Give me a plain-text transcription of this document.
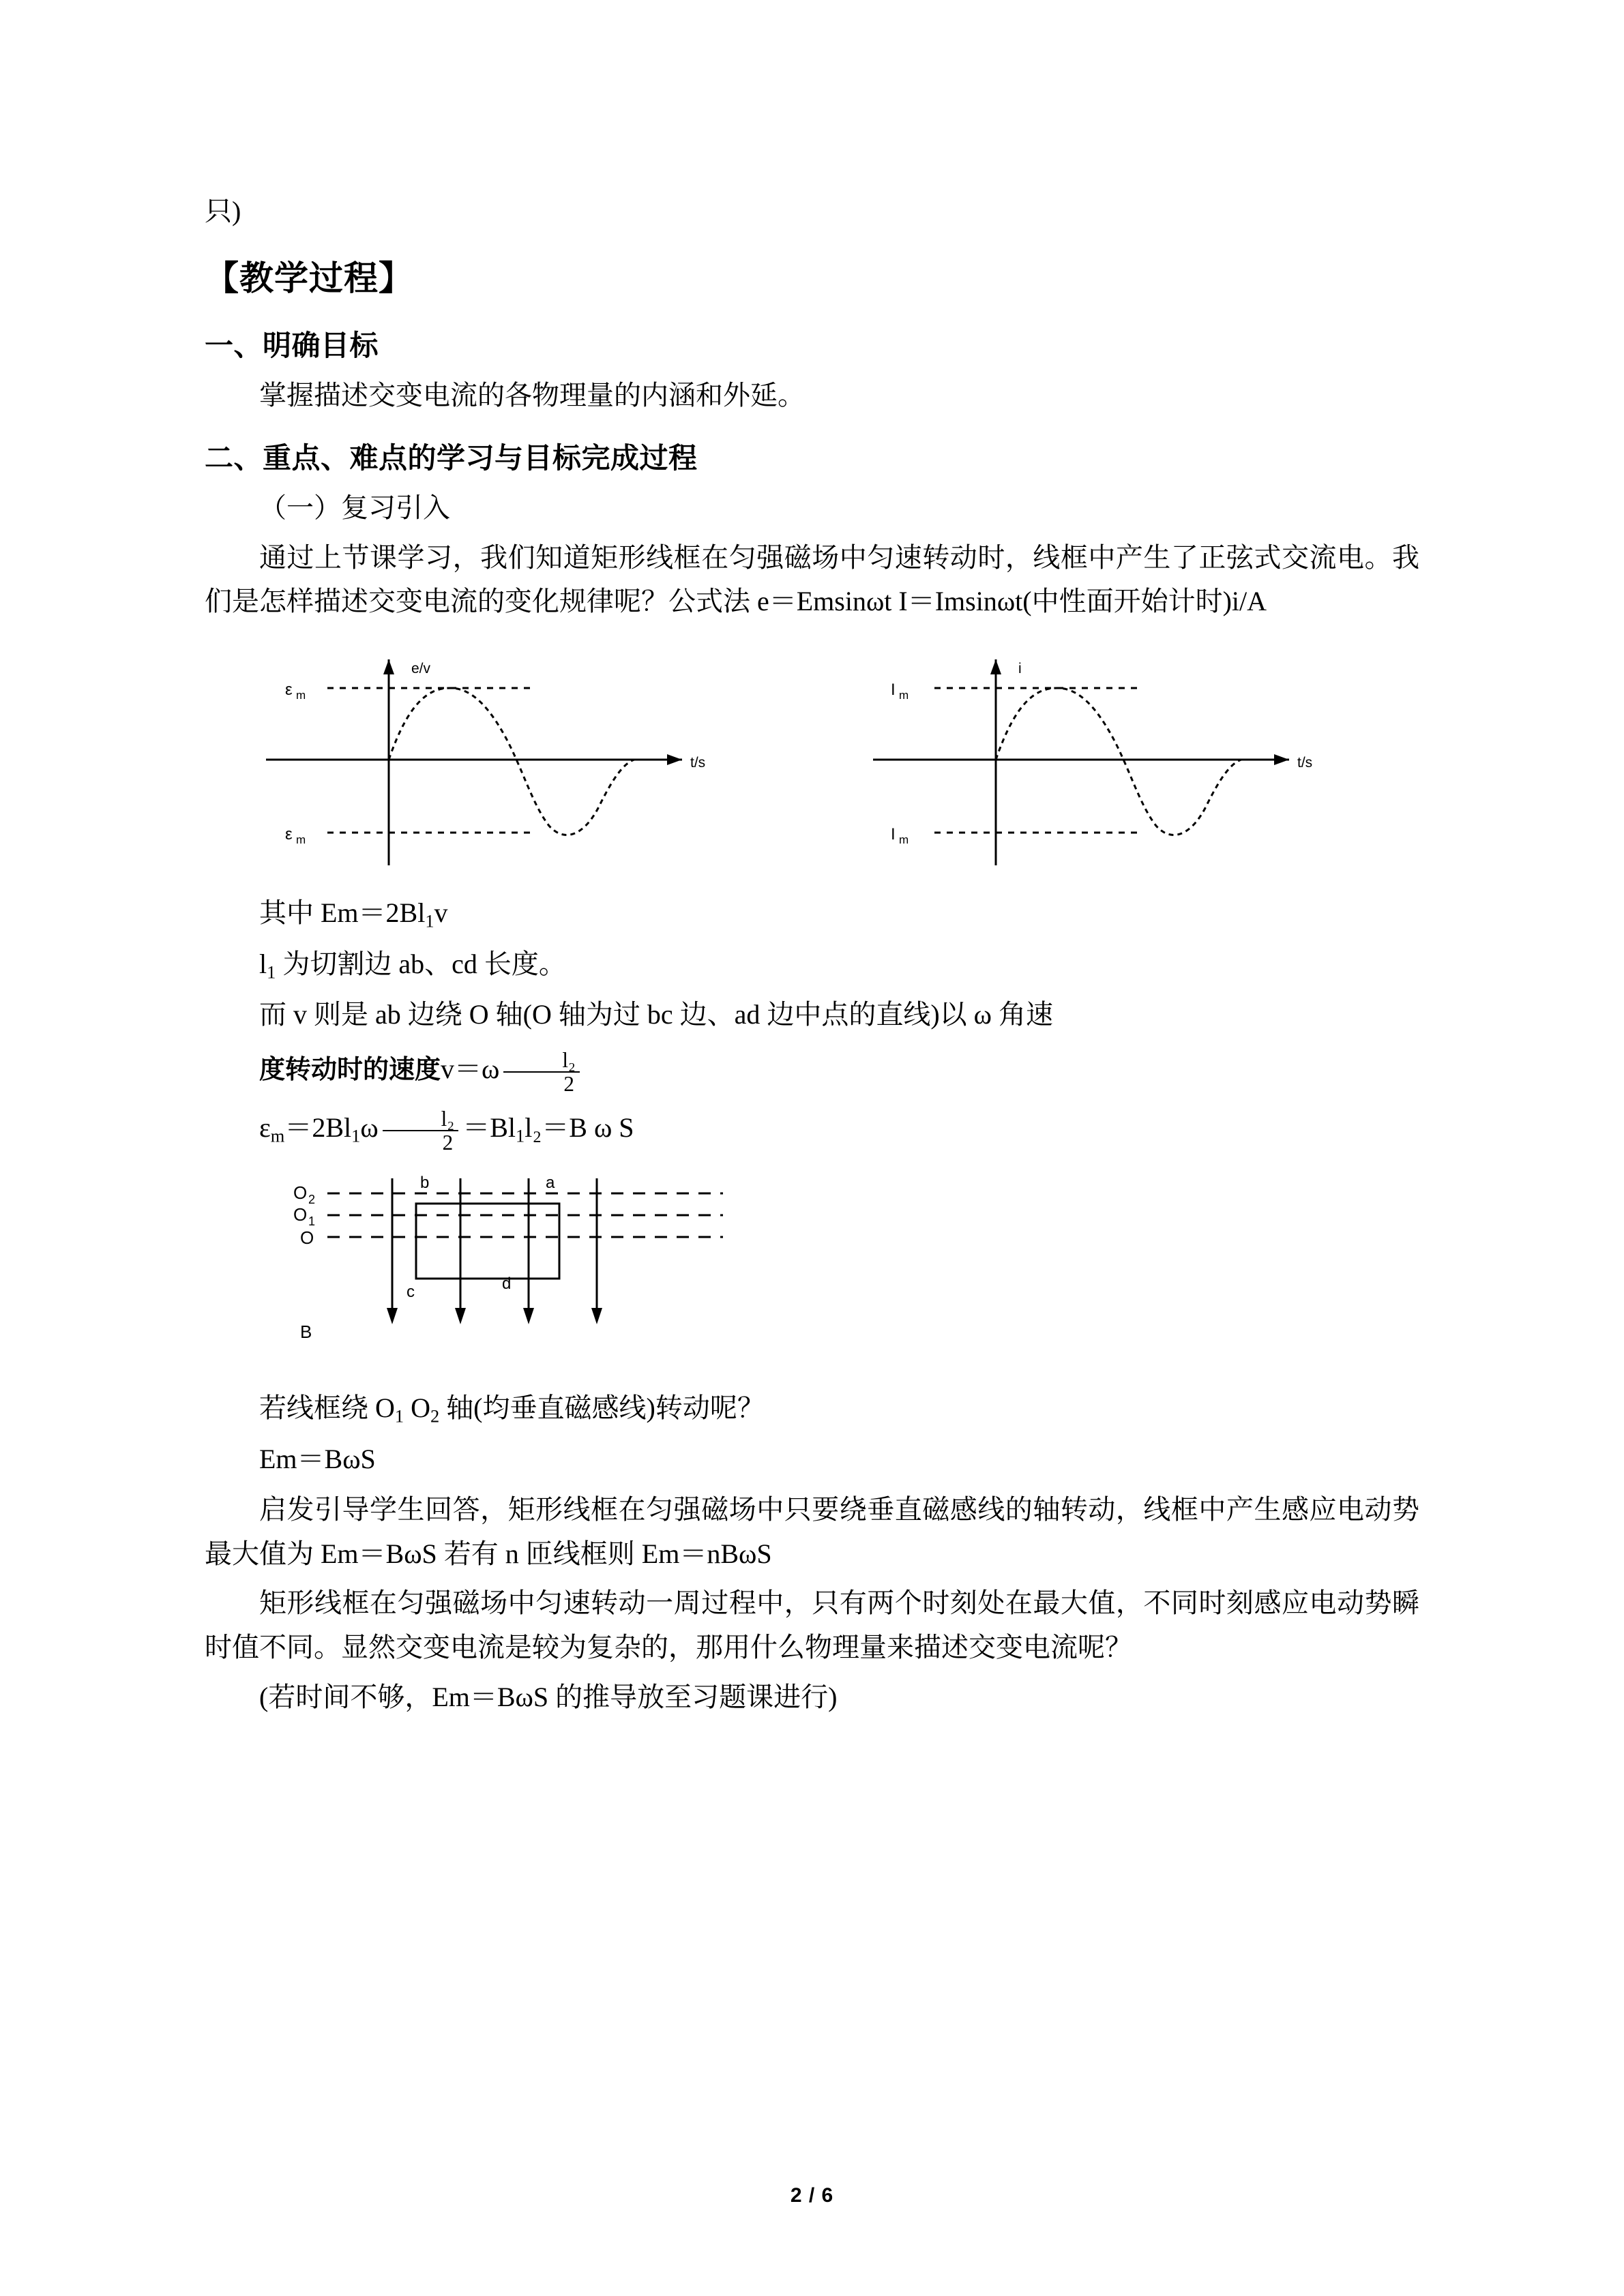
只)

【教学过程】
一、明确目标

掌握描述交变电流的各物理量的内涵和外延。

二、重点、难点的学习与目标完成过程

（一）复习引入

通过上节课学习，我们知道矩形线框在匀强磁场中匀速转动时，线框中产生了正弦式交流电。我们是怎样描述交变电流的变化规律呢？公式法 e＝Emsinωt I＝Imsinωt(中性面开始计时)i/A

e/v
t/s
ε m
ε m
i
t/s
I m
I m

其中 $Em=2Bl_1v$

$l_1$ 为切割边 ab、cd 长度。

而 v 则是 ab 边绕 O 轴(O 轴为过 bc 边、ad 边中点的直线)以 ω 角速

度转动时的速度$v=\omega \frac{\text{l₂}}{2}$

$\varepsilon_m=2Bl_1\omega \frac{\text{l₂}}{2} =Bl_1l_2=B$ ω S

O 2
O 1
O
B
b	a
c	d

若线框绕 $O_1$ $O_2$ 轴(均垂直磁感线)转动呢？

Em＝BωS

启发引导学生回答，矩形线框在匀强磁场中只要绕垂直磁感线的轴转动，线框中产生感应电动势最大值为 Em＝BωS 若有 n 匝线框则 Em＝nBωS

矩形线框在匀强磁场中匀速转动一周过程中，只有两个时刻处在最大值，不同时刻感应电动势瞬时值不同。显然交变电流是较为复杂的，那用什么物理量来描述交变电流呢？

(若时间不够，Em＝BωS 的推导放至习题课进行)

2 / 6
